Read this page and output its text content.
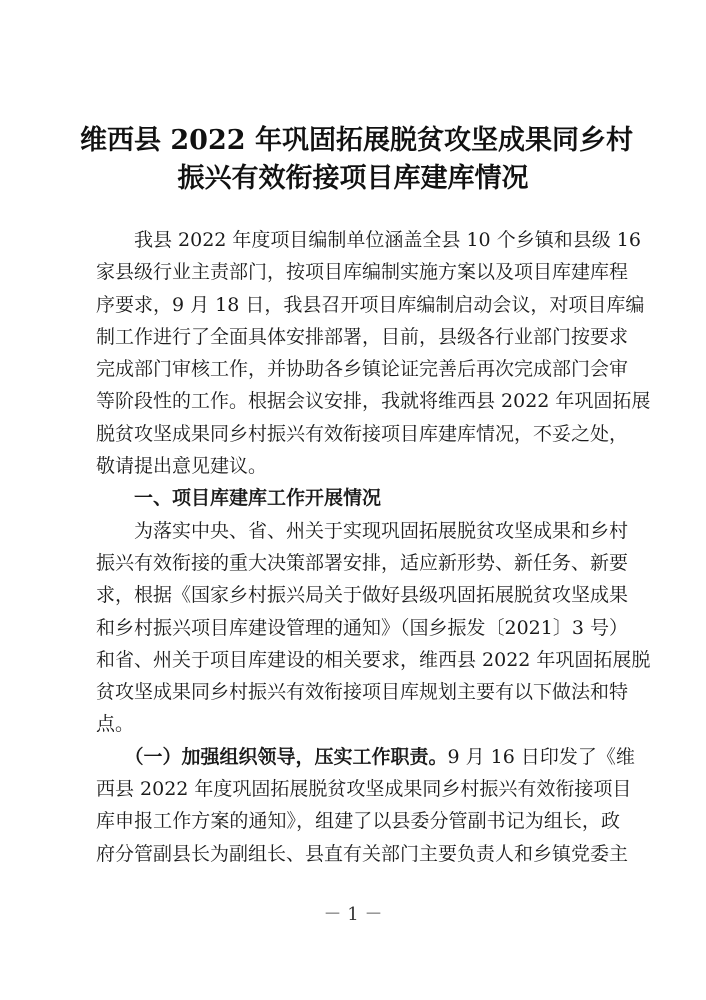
维西县 2022 年巩固拓展脱贫攻坚成果同乡村
振兴有效衔接项目库建库情况
　　我县 2022 年度项目编制单位涵盖全县 10 个乡镇和县级 16
家县级行业主责部门，按项目库编制实施方案以及项目库建库程
序要求，9 月 18 日，我县召开项目库编制启动会议，对项目库编
制工作进行了全面具体安排部署，目前，县级各行业部门按要求
完成部门审核工作，并协助各乡镇论证完善后再次完成部门会审
等阶段性的工作。根据会议安排，我就将维西县 2022 年巩固拓展
脱贫攻坚成果同乡村振兴有效衔接项目库建库情况，不妥之处，
敬请提出意见建议。
　　一、项目库建库工作开展情况
　　为落实中央、省、州关于实现巩固拓展脱贫攻坚成果和乡村
振兴有效衔接的重大决策部署安排，适应新形势、新任务、新要
求，根据《国家乡村振兴局关于做好县级巩固拓展脱贫攻坚成果
和乡村振兴项目库建设管理的通知》（国乡振发〔2021〕3 号）
和省、州关于项目库建设的相关要求，维西县 2022 年巩固拓展脱
贫攻坚成果同乡村振兴有效衔接项目库规划主要有以下做法和特
点。
　　（一）加强组织领导，压实工作职责。9 月 16 日印发了《维
西县 2022 年度巩固拓展脱贫攻坚成果同乡村振兴有效衔接项目
库申报工作方案的通知》，组建了以县委分管副书记为组长，政
府分管副县长为副组长、县直有关部门主要负责人和乡镇党委主
－ 1 －
